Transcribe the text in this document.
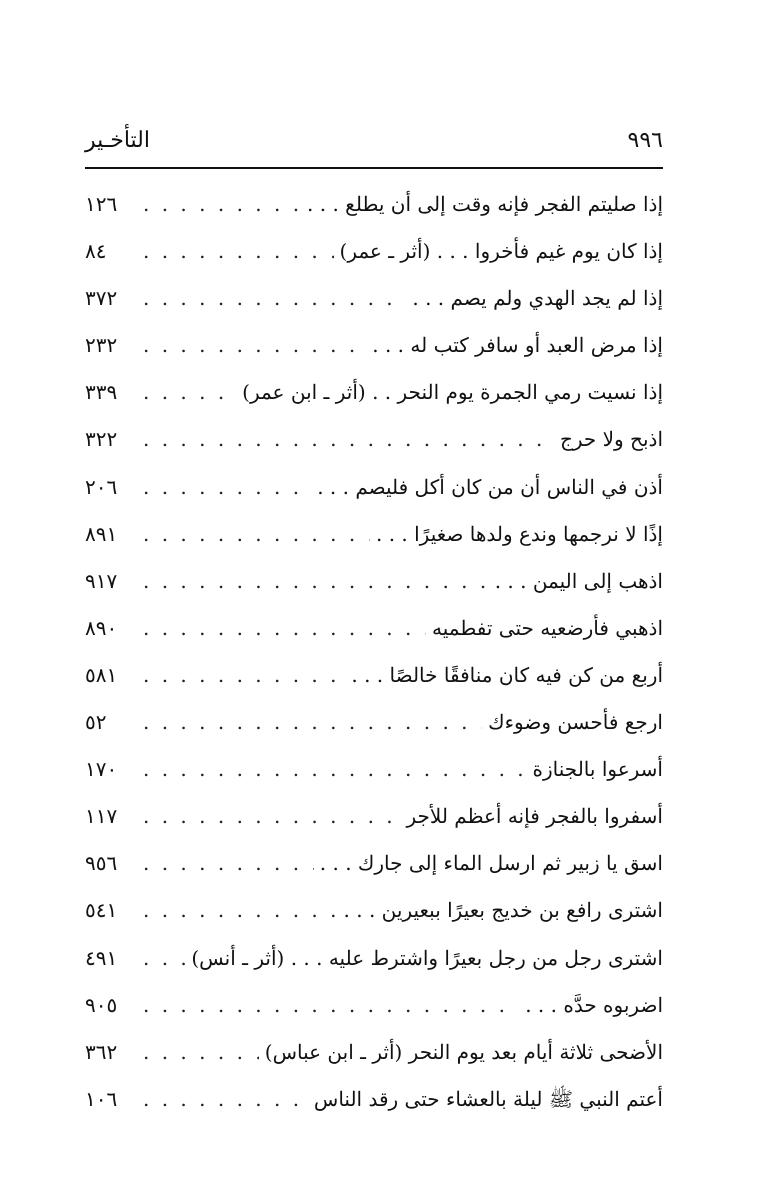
التأخـير	٩٩٦
إذا صليتم الفجر فإنه وقت إلى أن يطلع . . .
. . .
١٢٦
إذا كان يوم غيم فأخروا . . . (أثر ـ عمر)
. . .
٨٤
إذا لم يجد الهدي ولم يصم . . .
. . .
٣٧٢
إذا مرض العبد أو سافر كتب له . . .
. . .
٢٣٢
إذا نسيت رمي الجمرة يوم النحر . . (أثر ـ ابن عمر)
. . .
٣٣٩
اذبح ولا حرج
. . .
٣٢٢
أذن في الناس أن من كان أكل فليصم . . .
. . .
٢٠٦
إذًا لا نرجمها وندع ولدها صغيرًا . . .
. . .
٨٩١
اذهب إلى اليمن . . .
. . .
٩١٧
اذهبي فأرضعيه حتى تفطميه
. . .
٨٩٠
أربع من كن فيه كان منافقًا خالصًا . . .
. . .
٥٨١
ارجع فأحسن وضوءك
. . .
٥٢
أسرعوا بالجنازة
. . .
١٧٠
أسفروا بالفجر فإنه أعظم للأجر
. . .
١١٧
اسق يا زبير ثم ارسل الماء إلى جارك . . .
. . .
٩٥٦
اشترى رافع بن خديج بعيرًا ببعيرين . . .
. . .
٥٤١
اشترى رجل من رجل بعيرًا واشترط عليه . . . (أثر ـ أنس)
. . .
٤٩١
اضربوه حدَّه . . .
. . .
٩٠٥
الأضحى ثلاثة أيام بعد يوم النحر (أثر ـ ابن عباس)
. . .
٣٦٢
أعتم النبي ﷺ ليلة بالعشاء حتى رقد الناس
. . .
١٠٦
